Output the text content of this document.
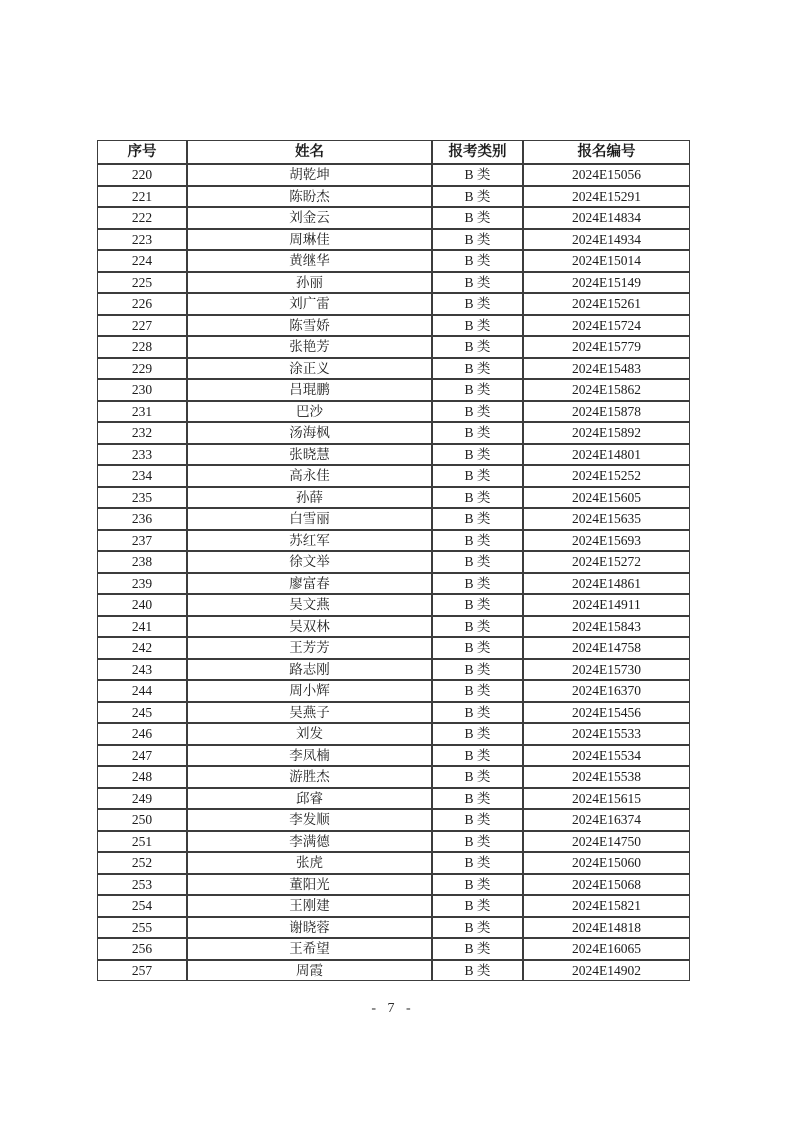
序号	姓名	报考类别	报名编号
220	胡乾坤	B 类	2024E15056
221	陈盼杰	B 类	2024E15291
222	刘金云	B 类	2024E14834
223	周琳佳	B 类	2024E14934
224	黄继华	B 类	2024E15014
225	孙丽	B 类	2024E15149
226	刘广雷	B 类	2024E15261
227	陈雪娇	B 类	2024E15724
228	张艳芳	B 类	2024E15779
229	涂正义	B 类	2024E15483
230	吕琨鹏	B 类	2024E15862
231	巴沙	B 类	2024E15878
232	汤海枫	B 类	2024E15892
233	张晓慧	B 类	2024E14801
234	高永佳	B 类	2024E15252
235	孙薛	B 类	2024E15605
236	白雪丽	B 类	2024E15635
237	苏红军	B 类	2024E15693
238	徐文举	B 类	2024E15272
239	廖富春	B 类	2024E14861
240	吴文燕	B 类	2024E14911
241	吴双林	B 类	2024E15843
242	王芳芳	B 类	2024E14758
243	路志刚	B 类	2024E15730
244	周小辉	B 类	2024E16370
245	吴燕子	B 类	2024E15456
246	刘发	B 类	2024E15533
247	李凤楠	B 类	2024E15534
248	游胜杰	B 类	2024E15538
249	邱睿	B 类	2024E15615
250	李发顺	B 类	2024E16374
251	李满德	B 类	2024E14750
252	张虎	B 类	2024E15060
253	董阳光	B 类	2024E15068
254	王刚建	B 类	2024E15821
255	谢晓蓉	B 类	2024E14818
256	王希望	B 类	2024E16065
257	周霞	B 类	2024E14902
- 7 -
